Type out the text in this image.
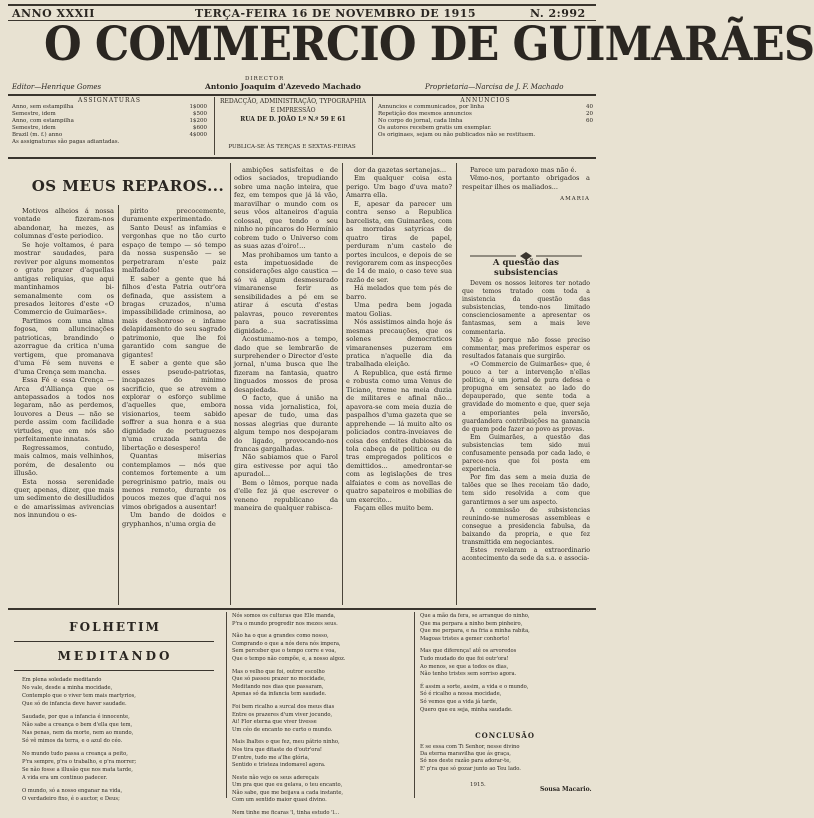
ANNO XXXII	TERÇA-FEIRA 16 DE NOVEMBRO DE 1915	N. 2:992
O COMMERCIO DE GUIMARÃES
DIRECTOR
Editor—Henrique Gomes	Antonio Joaquim d'Azevedo Machado	Proprietaria—Narcisa de J. F. Machado
ASSIGNATURAS
Anno, sem estampilha	1$000
Semestre, idem	$500
Anno, com estampilha	1$200
Semestre, idem	$600
Brazil (m. f.) anno	4$000
As assignaturas são pagas adiantadas.
REDACÇÃO, ADMINISTRAÇÃO, TYPOGRAPHIA
E IMPRESSÃO
RUA DE D. JOÃO I.º N.º 59 E 61
PUBLICA-SE ÀS TERÇAS E SEXTAS-FEIRAS
ANNUNCIOS
Annuncios e communicados, por linha	40
Repetição dos mesmos annuncios	20
No corpo do jornal, cada linha	60
Os autores recebem gratis um exemplar.
Os originaes, sejam ou não publicados não se restituem.
OS MEUS REPAROS...

Motivos alheios á nossa vontade fizeram-nos abandonar, ha mezes, as columnas d'este periodico.

Se hoje voltamos, é para mostrar saudades, para reviver por alguns momentos o grato prazer d'aquellas antigas reliquias, que aqui mantinhamos bi-semanalmente com os presados leitores d'este «O Commercio de Guimarães».

Partimos com uma alma fogosa, em alluncinações patrioticas, brandindo o azorrague da critica n'uma vertigem, que promanava d'uma Fé sem nuvens e d'uma Crença sem mancha.

Essa Fé e essa Crença — Arca d'Alliança que os antepassados a todos nos legaram, não as perdemos, louvores a Deus — não se perde assim com facilidade virtudes, que em nós são perfeitamente innatas.

Regressamos, contudo, mais calmos, mais velhinhos, porém, de desalento ou illusão.

Esta nossa serenidade quer, apenas, dizer, que mais um sedimento de desilludidos e de amarissimas avivencias nos innundou o es-

pirito precocemente, duramente experimentado.

Santo Deus! as infamias e vergonhas que no tão curto espaço de tempo — só tempo da nossa suspensão — se perpetraram n'este paiz malfadado!

E saber a gente que há filhos d'esta Patria outr'ora definada, que assistem a bragas cruzados, n'uma impassibilidade criminosa, ao mais deshonroso e infame delapidamento do seu sagrado patrimonio, que lhe foi garantido com sangue de gigantes!

E saber a gente que são esses pseudo-patriotas, incapazes do minimo sacrificio, que se atrevem a explorar o esforço sublime d'aquelles que, embora visionarios, teem sabido soffrer a sua honra e a sua dignidade de portuguezes n'uma cruzada santa de libertação e desespero!

Quantas miserias contemplamos — nós que contemos fortemente a um peregrinismo patrio, mais ou menos remoto, durante os poucos mezes que d'aqui nos vimos obrigados a ausentar!

Um bando de doidos e gryphanhos, n'uma orgia de

ambições satisfeitas e de odios saciados, trepudiando sobre uma nação inteira, que fez, em tempos que já lá vão, maravilhar o mundo com os seus vôos altaneiros d'aguia colossal, que tendo o seu ninho no pincaros do Hermínio cobrem tudo o Universo com as suas azas d'oiro!...

Mas prohibamos um tanto a esta impetuosidade de considerações algo caustica — só vá algum desmesurado vimaranense ferir as sensibilidades a pé em se atirar á escuta d'estas palavras, pouco reverentes para a sua sacratissima dignidade...

Acostumamo-nos a tempo, dado que se lembrarão de surprehender o Director d'este jornal, n'uma busca que lhe fizeram na fantasia, quatro linguados mossos de prosa desapiedada.

O facto, que á união na nossa vida jornalistica, foi, apesar de tudo, uma das nossas alegrias que durante algum tempo nos despojaram do ligado, provocando-nos francas gargalhadas.

Não sabiamos que o Farol gira estivesse por aqui tão apuradol...

Bem o lêmos, porque nada d'elle fez já que escrever o veneno republicano da maneira de qualquer rabisca-

dor da gazetas sertanejas...

Em qualquer coisa esta perigo. Um bago d'uva mato? Amarra ella.

E, apesar da parecer um contra senso a Republica barcelista, em Guimarães, com as morradas satyricas de quatro tiras de papel, perduram n'um castelo de portes inculcos, e depois de se revigorarem com as inspecções de 14 de maio, o caso teve sua razão de ser.

Há melados que tem pés de barro.

Uma pedra bem jogada matou Golias.

Nós assistimos ainda hoje ás mesmas precauções, que os solenes democraticos vimaranenses puzeram em pratica n'aquelle dia da trabalhada eleição.

A Republica, que está firme e robusta como uma Venus de Ticiano, treme na meia duzia de militares e afinal não... apavora-se com meia duzia de paspalhos d'uma gazeta que se apprehende — lá muito alto os policiados contra-inveiaves de coisa dos enfeites dubiosas da tola cabeça de politica ou de tras empregados politicos e demittidos... amedrontar-se com as legislações de tres alfaiates e com as novellas de quatro sapateiros e mobilias de um exercito...

Façam elles muito bem.

Parece um paradoxo mas não é.

Vêmo-nos, portanto obrigados a respeitar ilhes os maliados...

AMARIA
A questão das subsistencias

Devem os nossos leitores ter notado que temos tratado com toda a insistencia da questão das subsistencias, tendo-nos limitado conscienciosamente a apresentar os fantasmas, sem a mais leve commentaria.

Não é porque não fosse preciso commentar, mas preferimos esperar os resultados fatanais que surgirão.

«O Commercio de Guimarães» que, é pouco a ter a intervenção n'ellas politica, é um jornal de pura defesa e propugna em sensatez ao lado do depauperado, que sente toda a gravidade do momento e que, quer seja a emporiantes pela inversão, guardandera contribuições na ganancia de quem pode fazer ao povo as provas.

Em Guimarães, a questão das subsistencias tem sido mui confusamente pensada por cada lado, e parece-nos que foi posta em experiencia.

Por fim das sem a meia duzia de talões que se lhes receiam tão dado, tem sido resolvida a com que garantirmos a ser um aspecto.

A commissão de subsistencias reunindo-se numerosas assembleas e consegue a presidencia fabulsa, da baixando da propria, e que fez transmittida em negociantes.

Estes revelaram a extraordinario acontecimento da sede da s.a. e associa-

FOLHETIM
MEDITANDO
Em plena soledade meditando
No vale, desde a minha mocidade,
Contemplo que o viver tem mais martyrios,
Que só de infancia deve haver saudade.
Saudade, por que a infancia é innocente,
Não sabe a creança o bem d'ella que tem,
Nas penas, nem da morte, nem ao mundo,
Só vê mimos da terra, e o azul do céo.
No mundo tudo passa a creança a peito,
P'ra sempre, p'ra o trabalho, e p'ra morrer;
Se não fosse a illusão que nos mata tarde,
A vida era um continuo padecer.
O mundo, só a nosso enganar na vida,
O verdadeiro fixo, é o auctor, e Deus;
Nós somos os culturas que Elle manda,
P'ra o mundo progredir nos mezes seus.
Não ha o que a grandes como nosso,
Comprando o que a nós dera nós impera,
Sem perceber que o tempo corre e voa,
Que o tempo não compõe, e, a nosso algoz.
Mas o velho que foi, outror escolho
Que só passou prazer no mocidade,
Meditando nos dias que passaram,
Apenas só da infancia tem saudade.
Foi bem ricalho a surcal dos meus dias
Entre os prazeres d'um viver jocundo,
Ai! Flor eterna que viver tivesse
Um céo de encanto no curto o mundo.
Mais lhaltes o que fez, meu pátrio ninho,
Nos tira que ditaste do d'outr'ora!
D'entre, tudo me a'lhe glória,
Sentido e tristeza indomavel agora.
Neste não vejo os seus adereçais
Um pra que que eu gelava, o teu encanto,
Não sabe, que me beijava a cada instante,
Com um sentido maior quasi divino.
Nem tinhe me ficaras 'l, tinha estudo 'l...
Que a mão da fera, se arranque do ninho,
Que ma perpara a ninho bem pinheiro,
Que me perpara, e na fria a minha rabita,
Magoas tristes a gemer conhorto!
Mas que diferença! atê os arvoredos
Tudo mudado do que foi outr'ora!
Ao menos, se que a todos os dias,
Não tenho tristes sem sorriso agora.
É assim a sorte, assim, a vida e o mundo,
Só é ricalho a nossa mocidade,
Só vemos que a vida já tarde,
Quero que eu seja, minha saudade.
CONCLUSÃO
E se essa com Ti Senhor, nesse divino
Da eterna maravilha que ás graça,
Só nos deste razão para adorar-te,
E' p'ra que só gozar junto ao Teu lado.
1915.
Sousa Macario.
